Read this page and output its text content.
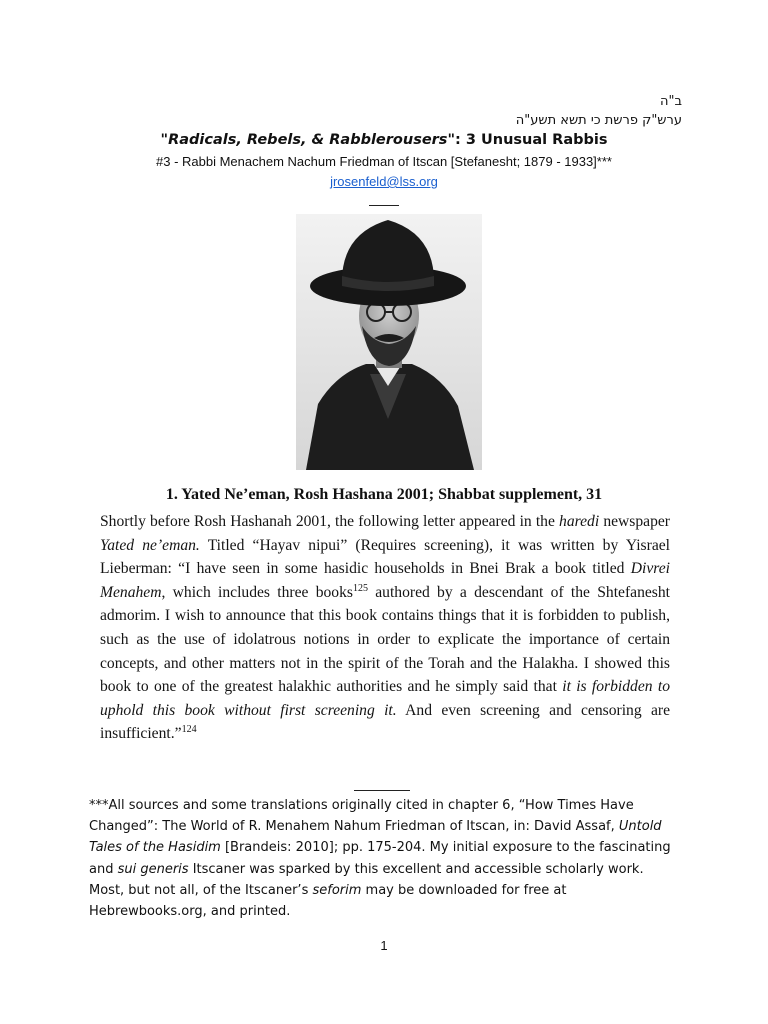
ב"ה
ערש"ק פרשת כי תשא תשע"ה
"Radicals, Rebels, & Rabblerousers": 3 Unusual Rabbis
#3 - Rabbi Menachem Nachum Friedman of Itscan [Stefanesht; 1879 - 1933]***
jrosenfeld@lss.org
1. Yated Ne’eman, Rosh Hashana 2001; Shabbat supplement, 31
Shortly before Rosh Hashanah 2001, the following letter appeared in the haredi newspaper Yated ne’eman. Titled “Hayav nipui” (Requires screening), it was written by Yisrael Lieberman: “I have seen in some hasidic households in Bnei Brak a book titled Divrei Menahem, which includes three books$^{125}$ authored by a descendant of the Shtefanesht admorim. I wish to announce that this book contains things that it is forbidden to publish, such as the use of idolatrous notions in order to explicate the importance of certain concepts, and other matters not in the spirit of the Torah and the Halakha. I showed this book to one of the greatest halakhic authorities and he simply said that it is forbidden to uphold this book without first screening it. And even screening and censoring are insufficient.”$^{124}$
***All sources and some translations originally cited in chapter 6, “How Times Have Changed”: The World of R. Menahem Nahum Friedman of Itscan, in: David Assaf, Untold Tales of the Hasidim [Brandeis: 2010]; pp. 175-204. My initial exposure to the fascinating and sui generis Itscaner was sparked by this excellent and accessible scholarly work. Most, but not all, of the Itscaner’s seforim may be downloaded for free at Hebrewbooks.org, and printed.
1
